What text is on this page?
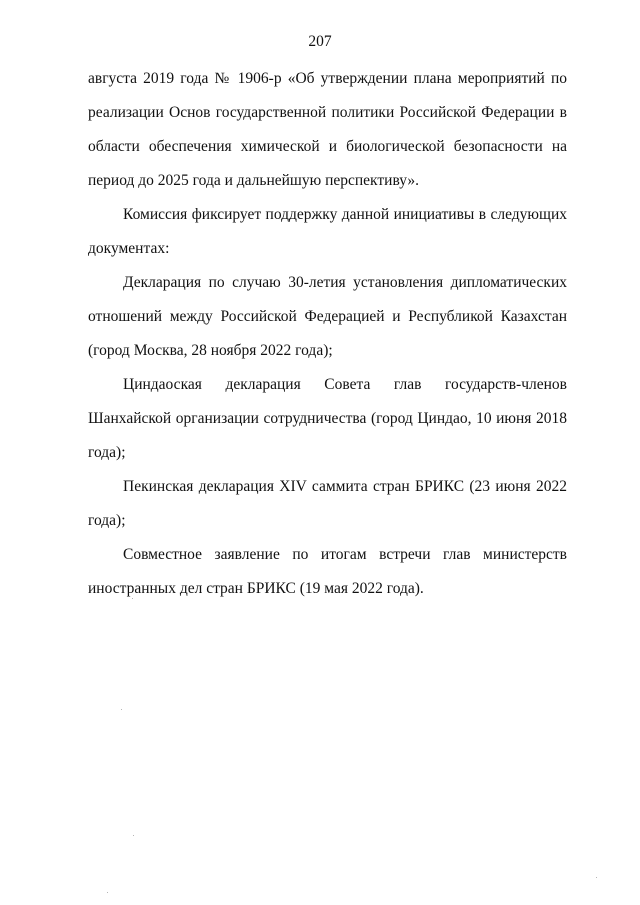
207

августа 2019 года № 1906-р «Об утверждении плана мероприятий по реализации Основ государственной политики Российской Федерации в области обеспечения химической и биологической безопасности на период до 2025 года и дальнейшую перспективу».

Комиссия фиксирует поддержку данной инициативы в следующих документах:

Декларация по случаю 30-летия установления дипломатических отношений между Российской Федерацией и Республикой Казахстан (город Москва, 28 ноября 2022 года);

Циндаоская декларация Совета глав государств-членов Шанхайской организации сотрудничества (город Циндао, 10 июня 2018 года);

Пекинская декларация XIV саммита стран БРИКС (23 июня 2022 года);

Совместное заявление по итогам встречи глав министерств иностранных дел стран БРИКС (19 мая 2022 года).
